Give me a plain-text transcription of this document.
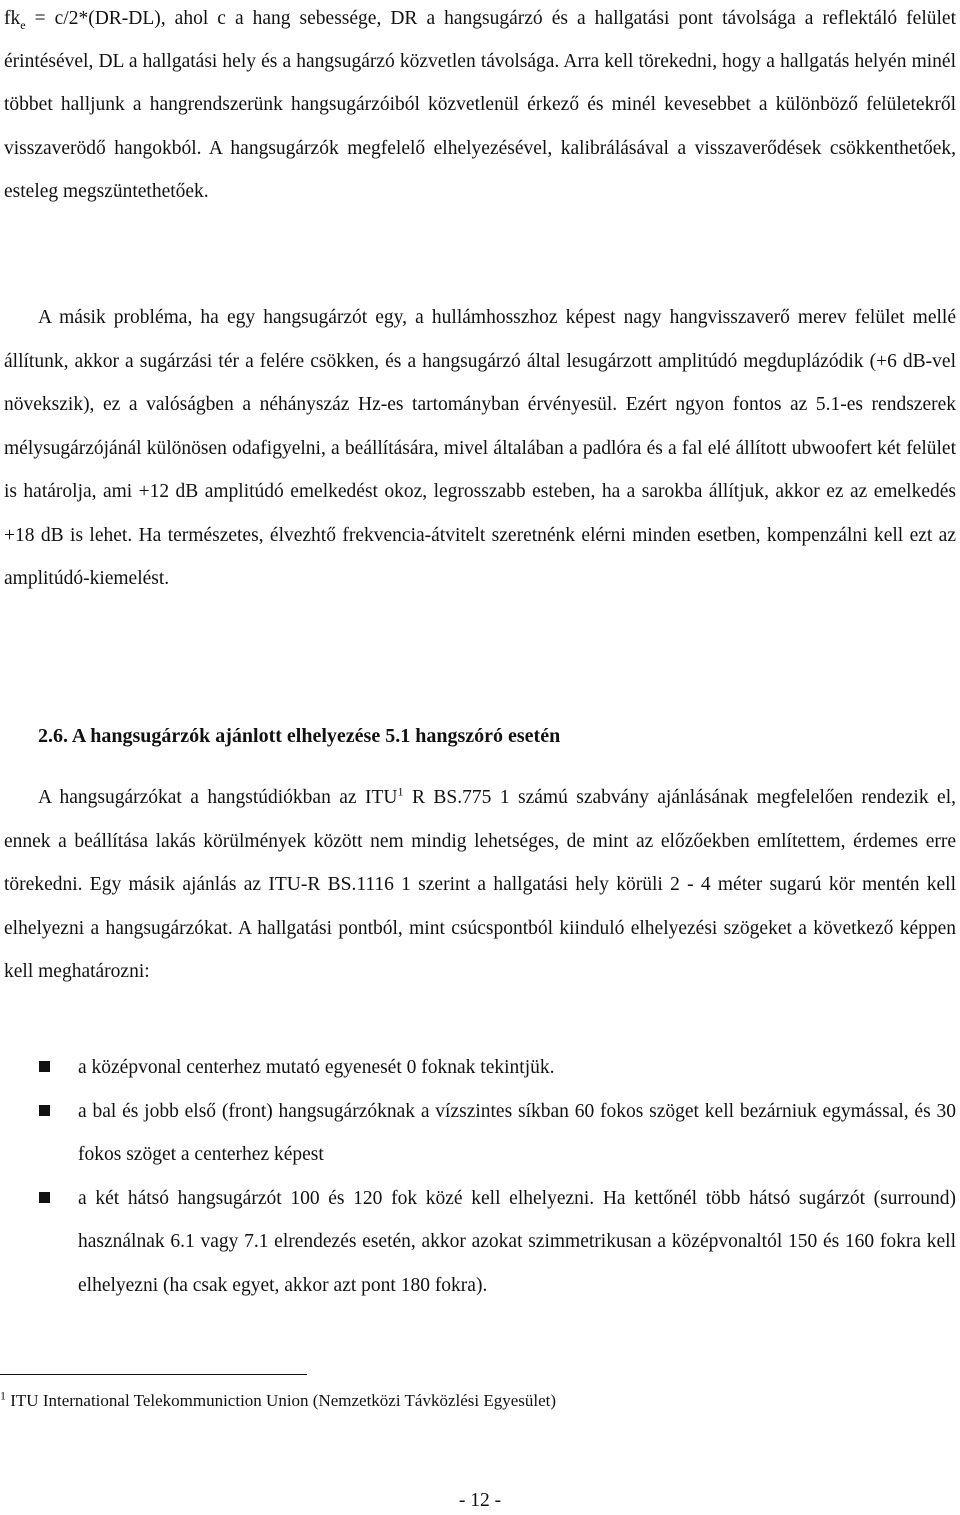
$fk_e = c/2*(DR-DL)$, ahol c a hang sebessége, DR a hangsugárzó és a hallgatási pont távolsága a reflektáló felület érintésével, DL a hallgatási hely és a hangsugárzó közvetlen távolsága. Arra kell törekedni, hogy a hallgatás helyén minél többet halljunk a hangrendszerünk hangsugárzóiból közvetlenül érkező és minél kevesebbet a különböző felületekről visszaverödő hangokból. A hangsugárzók megfelelő elhelyezésével, kalibrálásával a visszaverődések csökkenthetőek, esteleg megszüntethetőek.

A másik probléma, ha egy hangsugárzót egy, a hullámhosszhoz képest nagy hangvisszaverő merev felület mellé állítunk, akkor a sugárzási tér a felére csökken, és a hangsugárzó által lesugárzott amplitúdó megduplázódik (+6 dB-vel növekszik), ez a valóságben a néhányszáz Hz-es tartományban érvényesül. Ezért ngyon fontos az 5.1-es rendszerek mélysugárzójánál különösen odafigyelni, a beállítására, mivel általában a padlóra és a fal elé állított ubwoofert két felület is határolja, ami +12 dB amplitúdó emelkedést okoz, legrosszabb esteben, ha a sarokba állítjuk, akkor ez az emelkedés +18 dB is lehet. Ha természetes, élvezhtő frekvencia-átvitelt szeretnénk elérni minden esetben, kompenzálni kell ezt az amplitúdó-kiemelést.

2.6. A hangsugárzók ajánlott elhelyezése 5.1 hangszóró esetén

A hangsugárzókat a hangstúdiókban az ITU$^1$ R BS.775 1 számú szabvány ajánlásának megfelelően rendezik el, ennek a beállítása lakás körülmények között nem mindig lehetséges, de mint az előzőekben említettem, érdemes erre törekedni. Egy másik ajánlás az ITU-R BS.1116 1 szerint a hallgatási hely körüli 2 - 4 méter sugarú kör mentén kell elhelyezni a hangsugárzókat. A hallgatási pontból, mint csúcspontból kiinduló elhelyezési szögeket a következő képpen kell meghatározni:

a középvonal centerhez mutató egyenesét 0 foknak tekintjük.
a bal és jobb első (front) hangsugárzóknak a vízszintes síkban 60 fokos szöget kell bezárniuk egymással, és 30 fokos szöget a centerhez képest
a két hátsó hangsugárzót 100 és 120 fok közé kell elhelyezni. Ha kettőnél több hátsó sugárzót (surround) használnak 6.1 vagy 7.1 elrendezés esetén, akkor azokat szimmetrikusan a középvonaltól 150 és 160 fokra kell elhelyezni (ha csak egyet, akkor azt pont 180 fokra).

$^1$ ITU International Telekommuniction Union (Nemzetközi Távközlési Egyesület)

- 12 -
